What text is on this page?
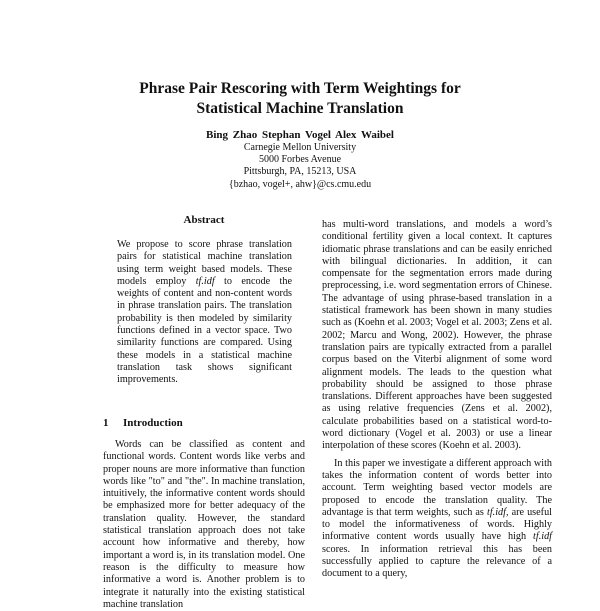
Phrase Pair Rescoring with Term Weightings for
Statistical Machine Translation
Bing Zhao Stephan Vogel Alex Waibel
Carnegie Mellon University
5000 Forbes Avenue
Pittsburgh, PA, 15213, USA
{bzhao, vogel+, ahw}@cs.cmu.edu
Abstract

We propose to score phrase translation pairs for statistical machine translation using term weight based models. These models employ tf.idf to encode the weights of content and non-content words in phrase translation pairs. The translation probability is then modeled by similarity functions defined in a vector space. Two similarity functions are compared. Using these models in a statistical machine translation task shows significant improvements.

1 Introduction

Words can be classified as content and functional words. Content words like verbs and proper nouns are more informative than function words like "to" and "the". In machine translation, intuitively, the informative content words should be emphasized more for better adequacy of the translation quality. However, the standard statistical translation approach does not take account how informative and thereby, how important a word is, in its translation model. One reason is the difficulty to measure how informative a word is. Another problem is to integrate it naturally into the existing statistical machine translation

has multi-word translations, and models a word’s conditional fertility given a local context. It captures idiomatic phrase translations and can be easily enriched with bilingual dictionaries. In addition, it can compensate for the segmentation errors made during preprocessing, i.e. word segmentation errors of Chinese. The advantage of using phrase-based translation in a statistical framework has been shown in many studies such as (Koehn et al. 2003; Vogel et al. 2003; Zens et al. 2002; Marcu and Wong, 2002). However, the phrase translation pairs are typically extracted from a parallel corpus based on the Viterbi alignment of some word alignment models. The leads to the question what probability should be assigned to those phrase translations. Different approaches have been suggested as using relative frequencies (Zens et al. 2002), calculate probabilities based on a statistical word-to-word dictionary (Vogel et al. 2003) or use a linear interpolation of these scores (Koehn et al. 2003).

In this paper we investigate a different approach with takes the information content of words better into account. Term weighting based vector models are proposed to encode the translation quality. The advantage is that term weights, such as tf.idf, are useful to model the informativeness of words. Highly informative content words usually have high tf.idf scores. In information retrieval this has been successfully applied to capture the relevance of a document to a query,
